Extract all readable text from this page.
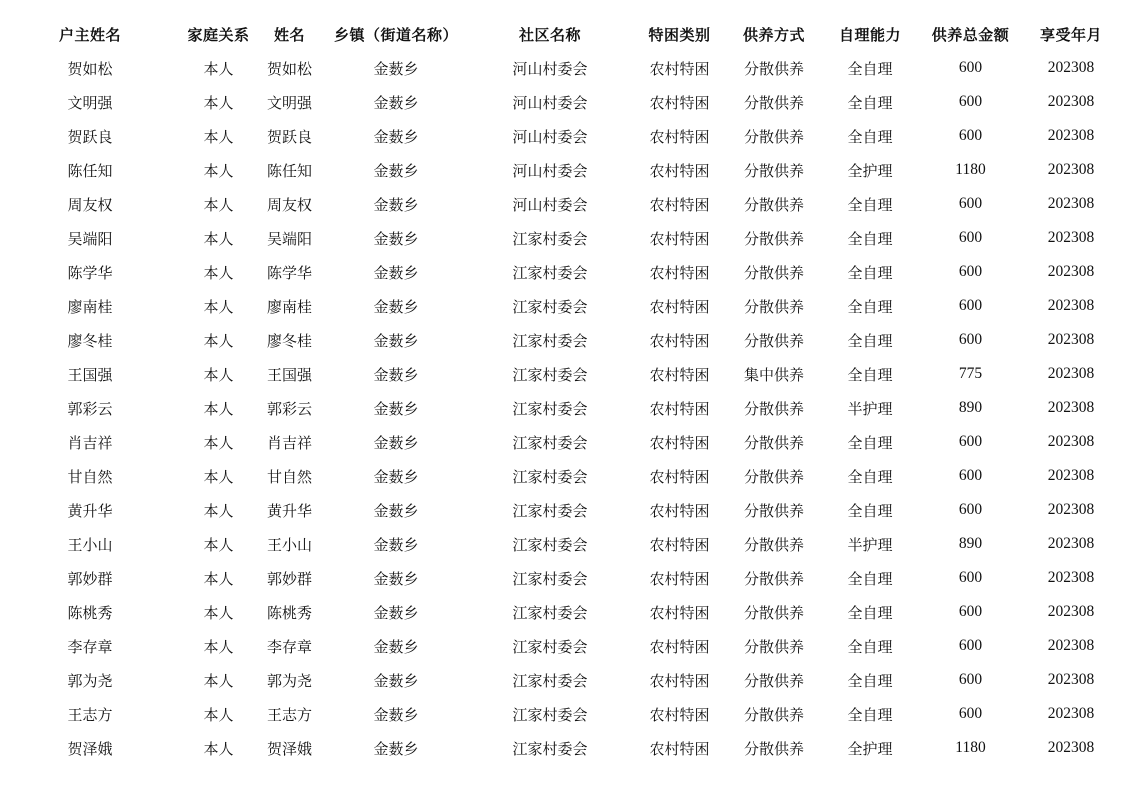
户主姓名	家庭关系	姓名	乡镇（街道名称）	社区名称	特困类别	供养方式	自理能力	供养总金额	享受年月
贺如松	本人	贺如松	金薮乡	河山村委会	农村特困	分散供养	全自理	600	202308
文明强	本人	文明强	金薮乡	河山村委会	农村特困	分散供养	全自理	600	202308
贺跃良	本人	贺跃良	金薮乡	河山村委会	农村特困	分散供养	全自理	600	202308
陈任知	本人	陈任知	金薮乡	河山村委会	农村特困	分散供养	全护理	1180	202308
周友权	本人	周友权	金薮乡	河山村委会	农村特困	分散供养	全自理	600	202308
吴端阳	本人	吴端阳	金薮乡	江家村委会	农村特困	分散供养	全自理	600	202308
陈学华	本人	陈学华	金薮乡	江家村委会	农村特困	分散供养	全自理	600	202308
廖南桂	本人	廖南桂	金薮乡	江家村委会	农村特困	分散供养	全自理	600	202308
廖冬桂	本人	廖冬桂	金薮乡	江家村委会	农村特困	分散供养	全自理	600	202308
王国强	本人	王国强	金薮乡	江家村委会	农村特困	集中供养	全自理	775	202308
郭彩云	本人	郭彩云	金薮乡	江家村委会	农村特困	分散供养	半护理	890	202308
肖吉祥	本人	肖吉祥	金薮乡	江家村委会	农村特困	分散供养	全自理	600	202308
甘自然	本人	甘自然	金薮乡	江家村委会	农村特困	分散供养	全自理	600	202308
黄升华	本人	黄升华	金薮乡	江家村委会	农村特困	分散供养	全自理	600	202308
王小山	本人	王小山	金薮乡	江家村委会	农村特困	分散供养	半护理	890	202308
郭妙群	本人	郭妙群	金薮乡	江家村委会	农村特困	分散供养	全自理	600	202308
陈桃秀	本人	陈桃秀	金薮乡	江家村委会	农村特困	分散供养	全自理	600	202308
李存章	本人	李存章	金薮乡	江家村委会	农村特困	分散供养	全自理	600	202308
郭为尧	本人	郭为尧	金薮乡	江家村委会	农村特困	分散供养	全自理	600	202308
王志方	本人	王志方	金薮乡	江家村委会	农村特困	分散供养	全自理	600	202308
贺泽娥	本人	贺泽娥	金薮乡	江家村委会	农村特困	分散供养	全护理	1180	202308
